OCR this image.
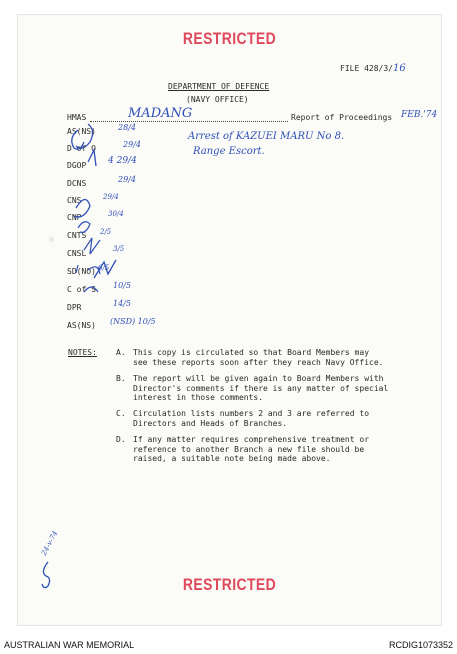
RESTRICTED
FILE 428/3/16
DEPARTMENT OF DEFENCE
(NAVY OFFICE)
HMAS	MADANG	Report of Proceedings FEB.'74
Arrest of KAZUEI MARU No 8.
Range Escort.
AS(NS)	28/4
D of O	29/4
DGOP 4 29/4
DCNS	29/4
CNS	29/4
CNP	30/4
CNTS 2/5
CNSL	3/5
SD(NO) 6/5
C of S 10/5
DPR	14/5
AS(NS) (NSD) 10/5
NOTES: A. This copy is circulated so that Board Members may
see these reports soon after they reach Navy Office.
B. The report will be given again to Board Members with
Director's comments if there is any matter of special
interest in those comments.
C. Circulation lists numbers 2 and 3 are referred to
Directors and Heads of Branches.
D. If any matter requires comprehensive treatment or
reference to another Branch a new file should be
raised, a suitable note being made above.
24-v-74
RESTRICTED
AUSTRALIAN WAR MEMORIAL	RCDIG1073352
